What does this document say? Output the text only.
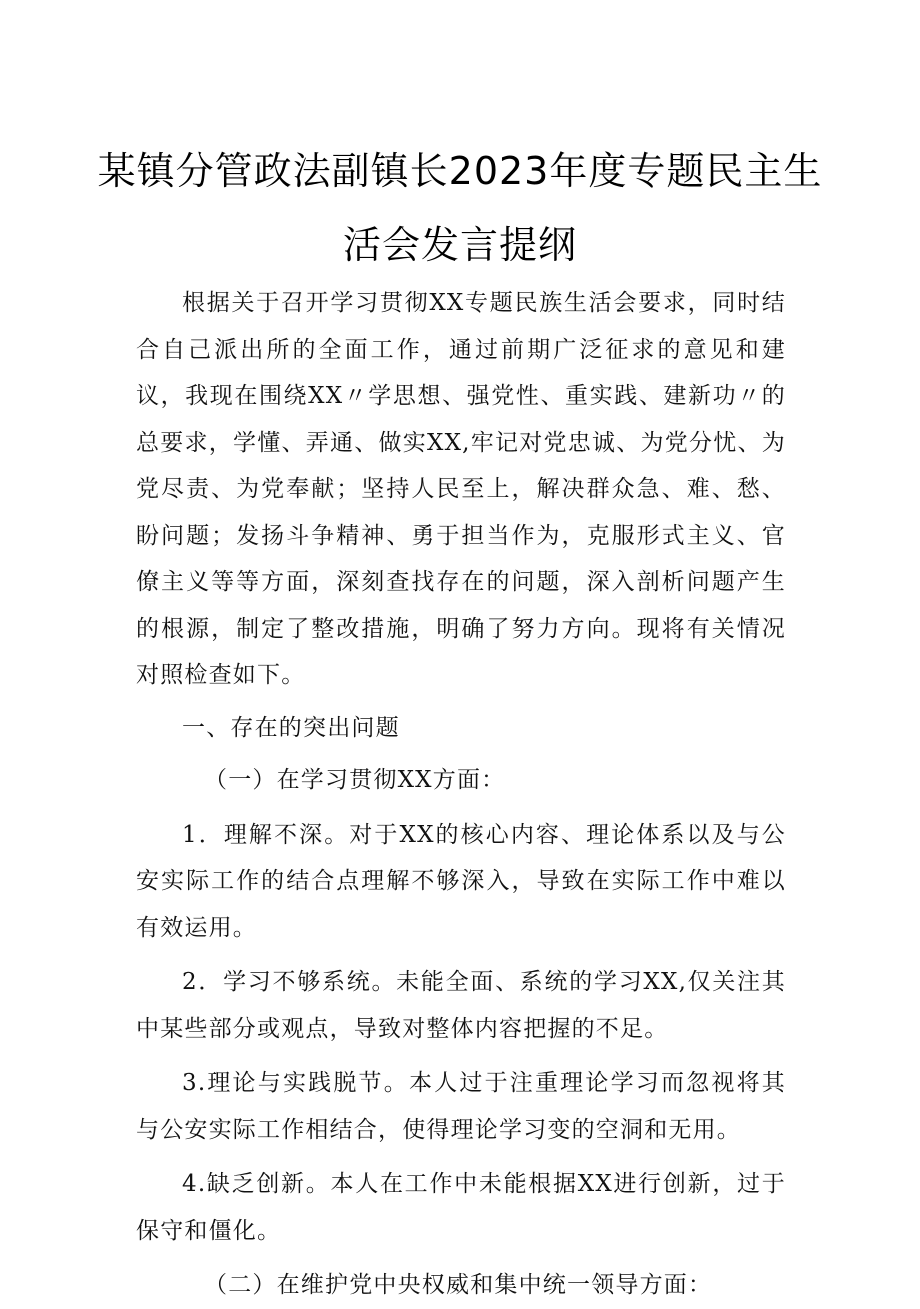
某镇分管政法副镇长2023年度专题民主生
活会发言提纲

根据关于召开学习贯彻XX专题民族生活会要求，同时结合自己派出所的全面工作，通过前期广泛征求的意见和建议，我现在围绕XX〃学思想、强党性、重实践、建新功〃的总要求，学懂、弄通、做实XX,牢记对党忠诚、为党分忧、为党尽责、为党奉献；坚持人民至上，解决群众急、难、愁、盼问题；发扬斗争精神、勇于担当作为，克服形式主义、官僚主义等等方面，深刻查找存在的问题，深入剖析问题产生的根源，制定了整改措施，明确了努力方向。现将有关情况对照检查如下。

一、存在的突出问题

（一）在学习贯彻XX方面：

1．理解不深。对于XX的核心内容、理论体系以及与公安实际工作的结合点理解不够深入，导致在实际工作中难以有效运用。

2．学习不够系统。未能全面、系统的学习XX,仅关注其中某些部分或观点，导致对整体内容把握的不足。

3.理论与实践脱节。本人过于注重理论学习而忽视将其与公安实际工作相结合，使得理论学习变的空洞和无用。

4.缺乏创新。本人在工作中未能根据XX进行创新，过于保守和僵化。

（二）在维护党中央权威和集中统一领导方面：
